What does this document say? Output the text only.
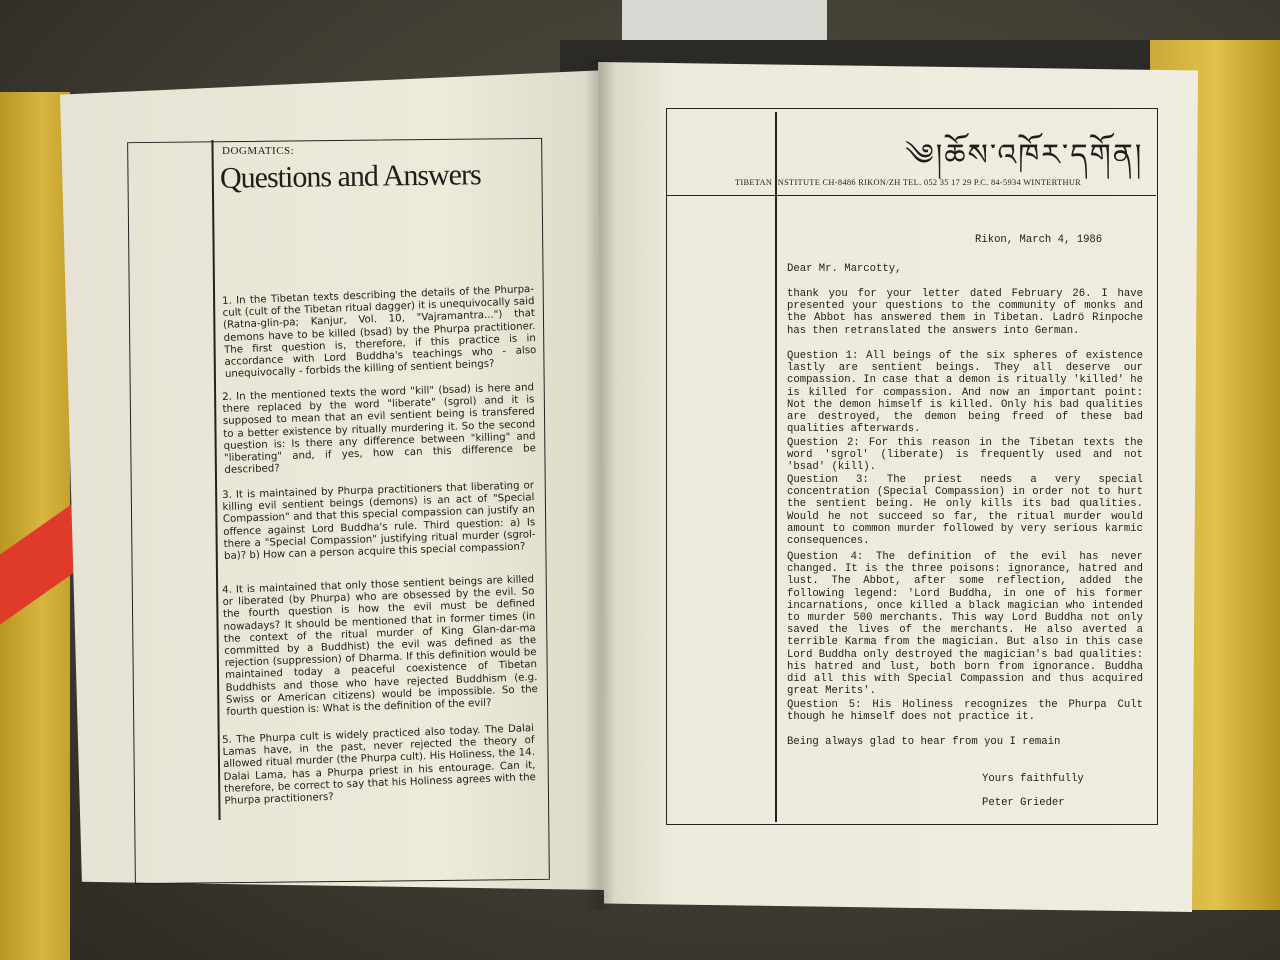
DOGMATICS:
Questions and Answers
1. In the Tibetan texts describing the details of the Phurpa-cult (cult of the Tibetan ritual dagger) it is unequivocally said (Ratna-glin-pa; Kanjur, Vol. 10, "Vajramantra...") that demons have to be killed (bsad) by the Phurpa practitioner. The first question is, therefore, if this practice is in accordance with Lord Buddha's teachings who - also unequivocally - forbids the killing of sentient beings?
2. In the mentioned texts the word "kill" (bsad) is here and there replaced by the word "liberate" (sgrol) and it is supposed to mean that an evil sentient being is transfered to a better existence by ritually murdering it. So the second question is: Is there any difference between "killing" and "liberating" and, if yes, how can this difference be described?
3. It is maintained by Phurpa practitioners that liberating or killing evil sentient beings (demons) is an act of "Special Compassion" and that this special compassion can justify an offence against Lord Buddha's rule. Third question: a) Is there a "Special Compassion" justifying ritual murder (sgrol-ba)? b) How can a person acquire this special compassion?
4. It is maintained that only those sentient beings are killed or liberated (by Phurpa) who are obsessed by the evil. So the fourth question is how the evil must be defined nowadays? It should be mentioned that in former times (in the context of the ritual murder of King Glan-dar-ma committed by a Buddhist) the evil was defined as the rejection (suppression) of Dharma. If this definition would be maintained today a peaceful coexistence of Tibetan Buddhists and those who have rejected Buddhism (e.g. Swiss or American citizens) would be impossible. So the fourth question is: What is the definition of the evil?
5. The Phurpa cult is widely practiced also today. The Dalai Lamas have, in the past, never rejected the theory of allowed ritual murder (the Phurpa cult). His Holiness, the 14. Dalai Lama, has a Phurpa priest in his entourage. Can it, therefore, be correct to say that his Holiness agrees with the Phurpa practitioners?
༄།ཆོས་འཁོར་དགོན།
TIBETAN INSTITUTE CH-8486 RIKON/ZH TEL. 052 35 17 29 P.C. 84-5934 WINTERTHUR
Rikon, March 4, 1986
Dear Mr. Marcotty,
thank you for your letter dated February 26. I have presented your questions to the community of monks and the Abbot has answered them in Tibetan. Ladrö Rinpoche has then retranslated the answers into German.
Question 1: All beings of the six spheres of existence lastly are sentient beings. They all deserve our compassion. In case that a demon is ritually 'killed' he is killed for compassion. And now an important point: Not the demon himself is killed. Only his bad qualities are destroyed, the demon being freed of these bad qualities afterwards.
Question 2: For this reason in the Tibetan texts the word 'sgrol' (liberate) is frequently used and not 'bsad' (kill).
Question 3: The priest needs a very special concentration (Special Compassion) in order not to hurt the sentient being. He only kills its bad qualities. Would he not succeed so far, the ritual murder would amount to common murder followed by very serious karmic consequences.
Question 4: The definition of the evil has never changed. It is the three poisons: ignorance, hatred and lust. The Abbot, after some reflection, added the following legend: 'Lord Buddha, in one of his former incarnations, once killed a black magician who intended to murder 500 merchants. This way Lord Buddha not only saved the lives of the merchants. He also averted a terrible Karma from the magician. But also in this case Lord Buddha only destroyed the magician's bad qualities: his hatred and lust, both born from ignorance. Buddha did all this with Special Compassion and thus acquired great Merits'.
Question 5: His Holiness recognizes the Phurpa Cult though he himself does not practice it.
Being always glad to hear from you I remain
Yours faithfully
Peter Grieder
